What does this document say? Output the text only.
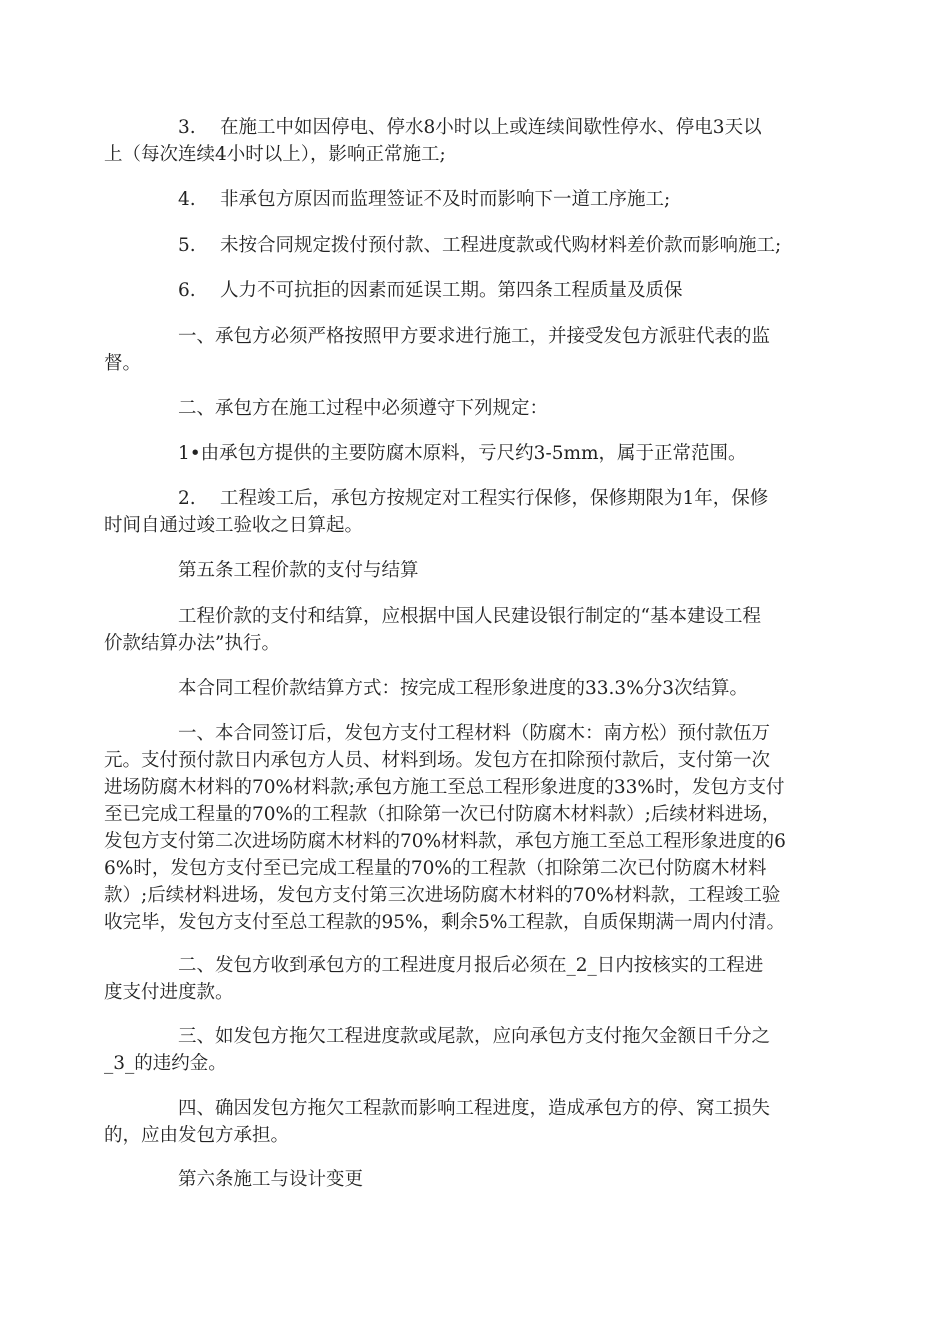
　　　　3.　 在施工中如因停电、停水8小时以上或连续间歇性停水、停电3天以
上（每次连续4小时以上），影响正常施工;

　　　　4.　 非承包方原因而监理签证不及时而影响下一道工序施工;

　　　　5.　 未按合同规定拨付预付款、工程进度款或代购材料差价款而影响施工;

　　　　6.　 人力不可抗拒的因素而延误工期。第四条工程质量及质保

　　　　一、承包方必须严格按照甲方要求进行施工，并接受发包方派驻代表的监
督。

　　　　二、承包方在施工过程中必须遵守下列规定：

　　　　1•由承包方提供的主要防腐木原料，亏尺约3-5mm，属于正常范围。

　　　　2.　 工程竣工后，承包方按规定对工程实行保修，保修期限为1年，保修
时间自通过竣工验收之日算起。

　　　　第五条工程价款的支付与结算

　　　　工程价款的支付和结算，应根据中国人民建设银行制定的“基本建设工程
价款结算办法”执行。

　　　　本合同工程价款结算方式：按完成工程形象进度的33.3%分3次结算。

　　　　一、本合同签订后，发包方支付工程材料（防腐木：南方松）预付款伍万
元。支付预付款日内承包方人员、材料到场。发包方在扣除预付款后，支付第一次
进场防腐木材料的70%材料款;承包方施工至总工程形象进度的33%时，发包方支付
至已完成工程量的70%的工程款（扣除第一次已付防腐木材料款）;后续材料进场，
发包方支付第二次进场防腐木材料的70%材料款，承包方施工至总工程形象进度的6
6%时，发包方支付至已完成工程量的70%的工程款（扣除第二次已付防腐木材料
款）;后续材料进场，发包方支付第三次进场防腐木材料的70%材料款，工程竣工验
收完毕，发包方支付至总工程款的95%，剩余5%工程款，自质保期满一周内付清。

　　　　二、发包方收到承包方的工程进度月报后必须在_2_日内按核实的工程进
度支付进度款。

　　　　三、如发包方拖欠工程进度款或尾款，应向承包方支付拖欠金额日千分之
_3_的违约金。

　　　　四、确因发包方拖欠工程款而影响工程进度，造成承包方的停、窝工损失
的，应由发包方承担。

　　　　第六条施工与设计变更
